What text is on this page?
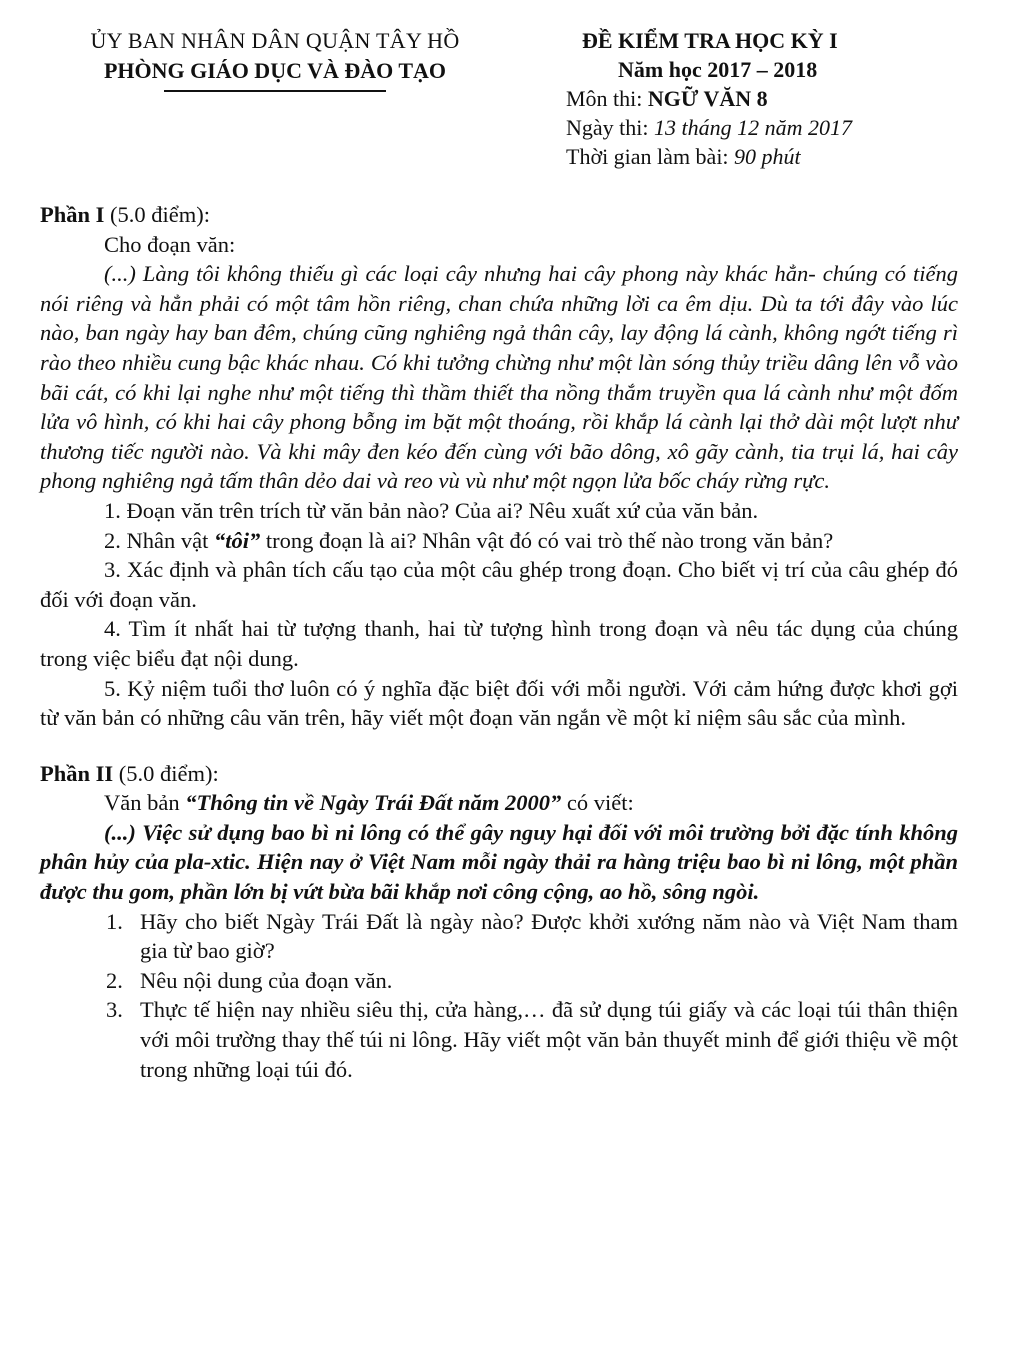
ỦY BAN NHÂN DÂN QUẬN TÂY HỒ
PHÒNG GIÁO DỤC VÀ ĐÀO TẠO
ĐỀ KIỂM TRA HỌC KỲ I
Năm học 2017 – 2018
Môn thi: NGỮ VĂN 8
Ngày thi: 13 tháng 12 năm 2017
Thời gian làm bài: 90 phút

Phần I (5.0 điểm):

Cho đoạn văn:

(...) Làng tôi không thiếu gì các loại cây nhưng hai cây phong này khác hẳn- chúng có tiếng nói riêng và hẳn phải có một tâm hồn riêng, chan chứa những lời ca êm dịu. Dù ta tới đây vào lúc nào, ban ngày hay ban đêm, chúng cũng nghiêng ngả thân cây, lay động lá cành, không ngớt tiếng rì rào theo nhiều cung bậc khác nhau. Có khi tưởng chừng như một làn sóng thủy triều dâng lên vỗ vào bãi cát, có khi lại nghe như một tiếng thì thầm thiết tha nồng thắm truyền qua lá cành như một đốm lửa vô hình, có khi hai cây phong bỗng im bặt một thoáng, rồi khắp lá cành lại thở dài một lượt như thương tiếc người nào. Và khi mây đen kéo đến cùng với bão dông, xô gãy cành, tia trụi lá, hai cây phong nghiêng ngả tấm thân dẻo dai và reo vù vù như một ngọn lửa bốc cháy rừng rực.

1. Đoạn văn trên trích từ văn bản nào? Của ai? Nêu xuất xứ của văn bản.

2. Nhân vật “tôi” trong đoạn là ai? Nhân vật đó có vai trò thế nào trong văn bản?

3. Xác định và phân tích cấu tạo của một câu ghép trong đoạn. Cho biết vị trí của câu ghép đó đối với đoạn văn.

4. Tìm ít nhất hai từ tượng thanh, hai từ tượng hình trong đoạn và nêu tác dụng của chúng trong việc biểu đạt nội dung.

5. Kỷ niệm tuổi thơ luôn có ý nghĩa đặc biệt đối với mỗi người. Với cảm hứng được khơi gợi từ văn bản có những câu văn trên, hãy viết một đoạn văn ngắn về một kỉ niệm sâu sắc của mình.

Phần II (5.0 điểm):

Văn bản “Thông tin về Ngày Trái Đất năm 2000” có viết:

(...) Việc sử dụng bao bì ni lông có thể gây nguy hại đối với môi trường bởi đặc tính không phân hủy của pla-xtic. Hiện nay ở Việt Nam mỗi ngày thải ra hàng triệu bao bì ni lông, một phần được thu gom, phần lớn bị vứt bừa bãi khắp nơi công cộng, ao hồ, sông ngòi.

1. Hãy cho biết Ngày Trái Đất là ngày nào? Được khởi xướng năm nào và Việt Nam tham gia từ bao giờ?
2. Nêu nội dung của đoạn văn.
3. Thực tế hiện nay nhiều siêu thị, cửa hàng,… đã sử dụng túi giấy và các loại túi thân thiện với môi trường thay thế túi ni lông. Hãy viết một văn bản thuyết minh để giới thiệu về một trong những loại túi đó.
